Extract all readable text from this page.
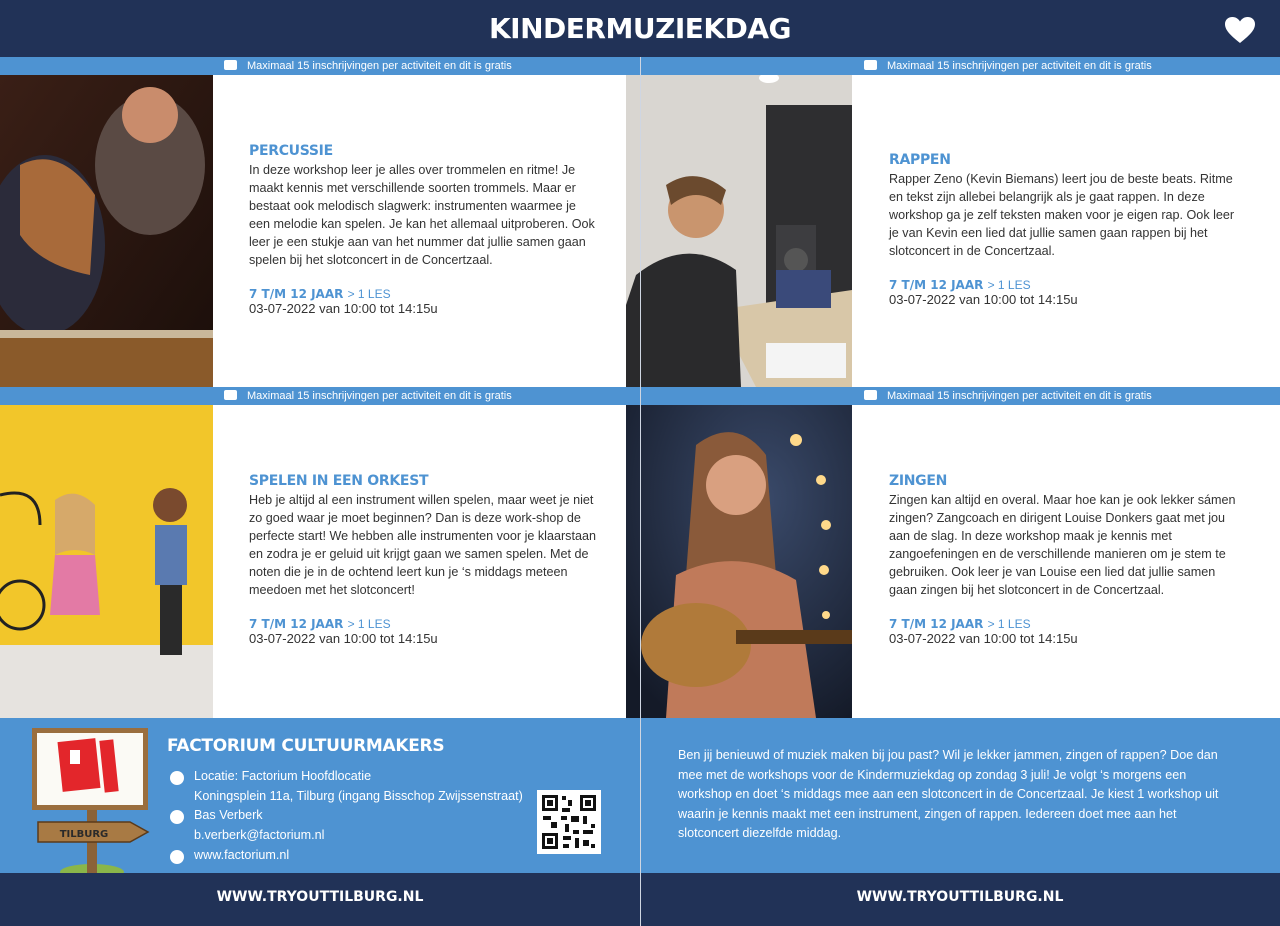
KINDERMUZIEKDAG
Maximaal 15 inschrijvingen per activiteit en dit is gratis	Maximaal 15 inschrijvingen per activiteit en dit is gratis
Maximaal 15 inschrijvingen per activiteit en dit is gratis	Maximaal 15 inschrijvingen per activiteit en dit is gratis
PERCUSSIE
In deze workshop leer je alles over trommelen en ritme! Je maakt kennis met verschillende soorten trommels. Maar er bestaat ook melodisch slagwerk: instrumenten waarmee je een melodie kan spelen. Je kan het allemaal uitproberen. Ook leer je een stukje aan van het nummer dat jullie samen gaan spelen bij het slotconcert in de Concertzaal.
7 T/M 12 JAAR > 1 LES
03-07-2022 van 10:00 tot 14:15u
RAPPEN
Rapper Zeno (Kevin Biemans) leert jou de beste beats. Ritme en tekst zijn allebei belangrijk als je gaat rappen. In deze workshop ga je zelf teksten maken voor je eigen rap. Ook leer je van Kevin een lied dat jullie samen gaan rappen bij het slotconcert in de Concertzaal.
7 T/M 12 JAAR > 1 LES
03-07-2022 van 10:00 tot 14:15u
SPELEN IN EEN ORKEST
Heb je altijd al een instrument willen spelen, maar weet je niet zo goed waar je moet beginnen? Dan is deze work-shop de perfecte start! We hebben alle instrumenten voor je klaarstaan en zodra je er geluid uit krijgt gaan we samen spelen. Met de noten die je in de ochtend leert kun je ‘s middags meteen meedoen met het slotconcert!
7 T/M 12 JAAR > 1 LES
03-07-2022 van 10:00 tot 14:15u
ZINGEN
Zingen kan altijd en overal. Maar hoe kan je ook lekker sámen zingen? Zangcoach en dirigent Louise Donkers gaat met jou aan de slag. In deze workshop maak je kennis met zangoefeningen en de verschillende manieren om je stem te gebruiken. Ook leer je van Louise een lied dat jullie samen gaan zingen bij het slotconcert in de Concertzaal.
7 T/M 12 JAAR > 1 LES
03-07-2022 van 10:00 tot 14:15u
TILBURG
FACTORIUM CULTUURMAKERS
Locatie: Factorium Hoofdlocatie
Koningsplein 11a, Tilburg (ingang Bisschop Zwijssenstraat)
Bas Verberk
b.verberk@factorium.nl
www.factorium.nl
Ben jij benieuwd of muziek maken bij jou past? Wil je lekker jammen, zingen of rappen? Doe dan mee met de workshops voor de Kindermuziekdag op zondag 3 juli! Je volgt ‘s morgens een workshop en doet ‘s middags mee aan een slotconcert in de Concertzaal. Je kiest 1 workshop uit waarin je kennis maakt met een instrument, zingen of rappen. Iedereen doet mee aan het slotconcert diezelfde middag.
WWW.TRYOUTTILBURG.NL	WWW.TRYOUTTILBURG.NL
